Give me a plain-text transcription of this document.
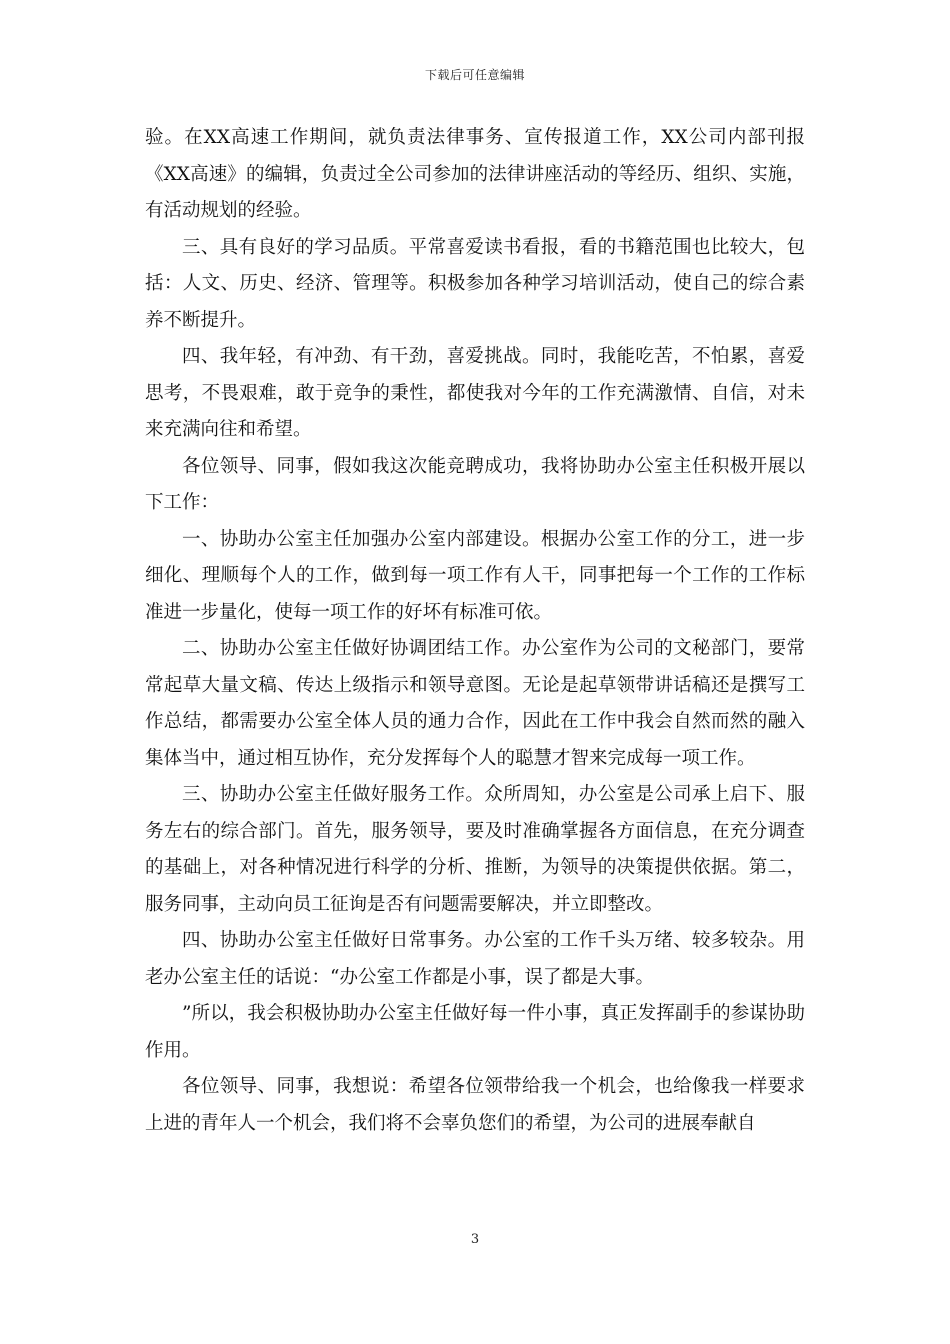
下载后可任意编辑

验。在XX高速工作期间，就负责法律事务、宣传报道工作，XX公司内部刊报《XX高速》的编辑，负责过全公司参加的法律讲座活动的等经历、组织、实施，有活动规划的经验。

三、具有良好的学习品质。平常喜爱读书看报，看的书籍范围也比较大，包括：人文、历史、经济、管理等。积极参加各种学习培训活动，使自己的综合素养不断提升。

四、我年轻，有冲劲、有干劲，喜爱挑战。同时，我能吃苦，不怕累，喜爱思考，不畏艰难，敢于竞争的秉性，都使我对今年的工作充满激情、自信，对未来充满向往和希望。

各位领导、同事，假如我这次能竞聘成功，我将协助办公室主任积极开展以下工作：

一、协助办公室主任加强办公室内部建设。根据办公室工作的分工，进一步细化、理顺每个人的工作，做到每一项工作有人干，同事把每一个工作的工作标准进一步量化，使每一项工作的好坏有标准可依。

二、协助办公室主任做好协调团结工作。办公室作为公司的文秘部门，要常常起草大量文稿、传达上级指示和领导意图。无论是起草领带讲话稿还是撰写工作总结，都需要办公室全体人员的通力合作，因此在工作中我会自然而然的融入集体当中，通过相互协作，充分发挥每个人的聪慧才智来完成每一项工作。

三、协助办公室主任做好服务工作。众所周知，办公室是公司承上启下、服务左右的综合部门。首先，服务领导，要及时准确掌握各方面信息，在充分调查的基础上，对各种情况进行科学的分析、推断，为领导的决策提供依据。第二，服务同事，主动向员工征询是否有问题需要解决，并立即整改。

四、协助办公室主任做好日常事务。办公室的工作千头万绪、较多较杂。用老办公室主任的话说：“办公室工作都是小事，误了都是大事。

”所以，我会积极协助办公室主任做好每一件小事，真正发挥副手的参谋协助作用。

各位领导、同事，我想说：希望各位领带给我一个机会，也给像我一样要求上进的青年人一个机会，我们将不会辜负您们的希望，为公司的进展奉献自

3
